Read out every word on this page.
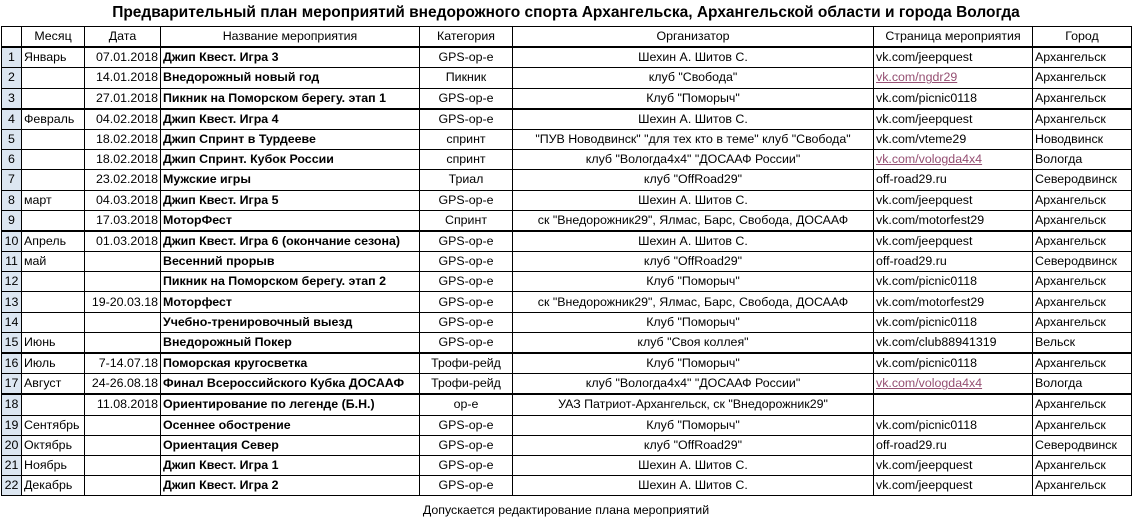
Предварительный план мероприятий внедорожного спорта Архангельска, Архангельской области и города Вологда
	Месяц	Дата	Название мероприятия	Категория	Организатор	Страница мероприятия	Город
1	Январь	07.01.2018	Джип Квест. Игра 3	GPS-ор-е	Шехин А. Шитов С.	vk.com/jeepquest	Архангельск
2		14.01.2018	Внедорожный новый год	Пикник	клуб "Свобода"	vk.com/ngdr29	Архангельск
3		27.01.2018	Пикник на Поморском берегу. этап 1	GPS-ор-е	Клуб "Поморыч"	vk.com/picnic0118	Архангельск
4	Февраль	04.02.2018	Джип Квест. Игра 4	GPS-ор-е	Шехин А. Шитов С.	vk.com/jeepquest	Архангельск
5		18.02.2018	Джип Спринт в Турдееве	спринт	"ПУВ Новодвинск" "для тех кто в теме" клуб "Свобода"	vk.com/vteme29	Новодвинск
6		18.02.2018	Джип Спринт. Кубок России	спринт	клуб "Вологда4х4" "ДОСААФ России"	vk.com/vologda4x4	Вологда
7		23.02.2018	Мужские игры	Триал	клуб "OffRoad29"	off-road29.ru	Северодвинск
8	март	04.03.2018	Джип Квест. Игра 5	GPS-ор-е	Шехин А. Шитов С.	vk.com/jeepquest	Архангельск
9		17.03.2018	МоторФест	Спринт	ск "Внедорожник29", Ялмас, Барс, Свобода, ДОСААФ	vk.com/motorfest29	Архангельск
10	Апрель	01.03.2018	Джип Квест. Игра 6 (окончание сезона)	GPS-ор-е	Шехин А. Шитов С.	vk.com/jeepquest	Архангельск
11	май		Весенний прорыв	GPS-ор-е	клуб "OffRoad29"	off-road29.ru	Северодвинск
12			Пикник на Поморском берегу. этап 2	GPS-ор-е	Клуб "Поморыч"	vk.com/picnic0118	Архангельск
13		19-20.03.18	Моторфест	GPS-ор-е	ск "Внедорожник29", Ялмас, Барс, Свобода, ДОСААФ	vk.com/motorfest29	Архангельск
14			Учебно-тренировочный выезд	GPS-ор-е	Клуб "Поморыч"	vk.com/picnic0118	Архангельск
15	Июнь		Внедорожный Покер	GPS-ор-е	клуб "Своя коллея"	vk.com/club88941319	Вельск
16	Июль	7-14.07.18	Поморская кругосветка	Трофи-рейд	Клуб "Поморыч"	vk.com/picnic0118	Архангельск
17	Август	24-26.08.18	Финал Всероссийского Кубка ДОСААФ	Трофи-рейд	клуб "Вологда4х4" "ДОСААФ России"	vk.com/vologda4x4	Вологда
18		11.08.2018	Ориентирование по легенде (Б.Н.)	ор-е	УАЗ Патриот-Архангельск, ск "Внедорожник29"		Архангельск
19	Сентябрь		Осеннее обострение	GPS-ор-е	Клуб "Поморыч"	vk.com/picnic0118	Архангельск
20	Октябрь		Ориентация Север	GPS-ор-е	клуб "OffRoad29"	off-road29.ru	Северодвинск
21	Ноябрь		Джип Квест. Игра 1	GPS-ор-е	Шехин А. Шитов С.	vk.com/jeepquest	Архангельск
22	Декабрь		Джип Квест. Игра 2	GPS-ор-е	Шехин А. Шитов С.	vk.com/jeepquest	Архангельск
Допускается редактирование плана мероприятий
